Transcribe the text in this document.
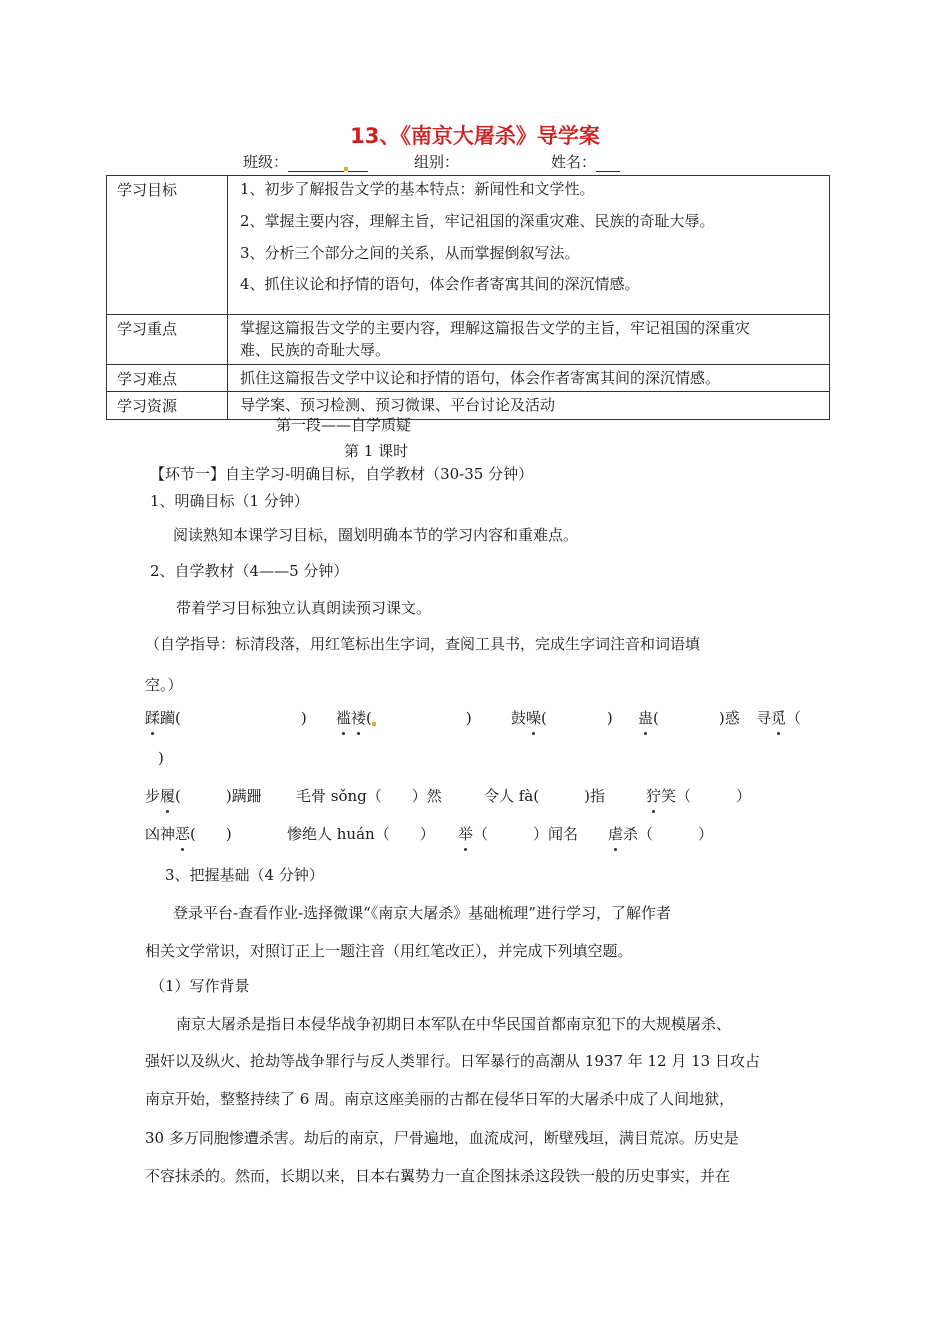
13、《南京大屠杀》导学案
班级：	组别：	姓名：
学习目标	1、初步了解报告文学的基本特点：新闻性和文学性。
2、掌握主要内容，理解主旨，牢记祖国的深重灾难、民族的奇耻大辱。
3、分析三个部分之间的关系，从而掌握倒叙写法。
4、抓住议论和抒情的语句，体会作者寄寓其间的深沉情感。

学习重点	掌握这篇报告文学的主要内容，理解这篇报告文学的主旨，牢记祖国的深重灾
难、民族的奇耻大辱。

学习难点	抓住这篇报告文学中议论和抒情的语句，体会作者寄寓其间的深沉情感。
学习资源	导学案、预习检测、预习微课、平台讨论及活动
第一段——自学质疑
第 1 课时
【环节一】自主学习-明确目标，自学教材（30-35 分钟）
1、明确目标（1 分钟）
阅读熟知本课学习目标，圈划明确本节的学习内容和重难点。
2、自学教材（4——5 分钟）
带着学习目标独立认真朗读预习课文。
（自学指导：标清段落，用红笔标出生字词，查阅工具书，完成生字词注音和词语填
空。）
蹂躏(　　　　　　　　) 褴褛(　　　　　　)	鼓噪(　　　　) 蛊(　　　　)惑 寻觅（
)
步履(　　　)蹒跚 毛骨 sǒng（　　）然	令人 fà(　　　)指	狞笑（　　　）
凶神恶(　　)	惨绝人 huán（　　） 举（　　　）闻名 虐杀（　　　）
3、把握基础（4 分钟）
登录平台-查看作业-选择微课“《南京大屠杀》基础梳理”进行学习，了解作者
相关文学常识，对照订正上一题注音（用红笔改正），并完成下列填空题。
（1）写作背景
南京大屠杀是指日本侵华战争初期日本军队在中华民国首都南京犯下的大规模屠杀、
强奸以及纵火、抢劫等战争罪行与反人类罪行。日军暴行的高潮从 1937 年 12 月 13 日攻占
南京开始，整整持续了 6 周。南京这座美丽的古都在侵华日军的大屠杀中成了人间地狱，
30 多万同胞惨遭杀害。劫后的南京，尸骨遍地，血流成河，断壁残垣，满目荒凉。历史是
不容抹杀的。然而，长期以来，日本右翼势力一直企图抹杀这段铁一般的历史事实，并在
